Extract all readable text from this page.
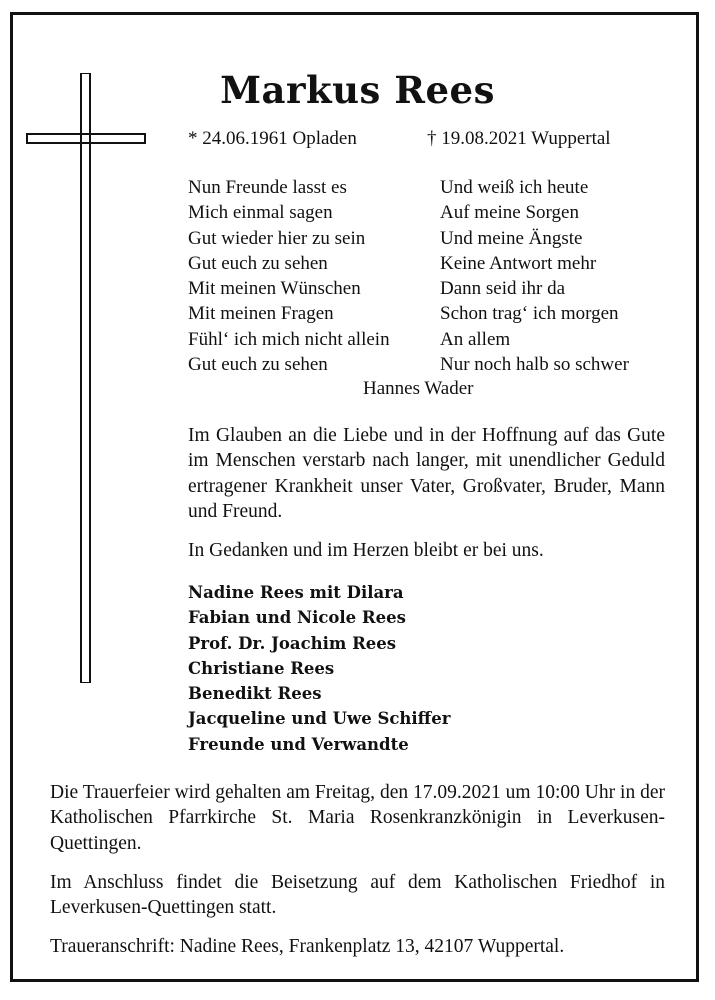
Markus Rees
* 24.06.1961 Opladen	† 19.08.2021 Wuppertal
Nun Freunde lasst es
Mich einmal sagen
Gut wieder hier zu sein
Gut euch zu sehen
Mit meinen Wünschen
Mit meinen Fragen
Fühl‘ ich mich nicht allein
Gut euch zu sehen
Und weiß ich heute
Auf meine Sorgen
Und meine Ängste
Keine Antwort mehr
Dann seid ihr da
Schon trag‘ ich morgen
An allem
Nur noch halb so schwer
Hannes Wader
Im Glauben an die Liebe und in der Hoffnung auf das Gute im Menschen verstarb nach langer, mit unendlicher Geduld ertragener Krankheit unser Vater, Großvater, Bruder, Mann und Freund.
In Gedanken und im Herzen bleibt er bei uns.
Nadine Rees mit Dilara
Fabian und Nicole Rees
Prof. Dr. Joachim Rees
Christiane Rees
Benedikt Rees
Jacqueline und Uwe Schiffer
Freunde und Verwandte
Die Trauerfeier wird gehalten am Freitag, den 17.09.2021 um 10:00 Uhr in der Katholischen Pfarrkirche St. Maria Rosenkranzkönigin in Leverkusen-Quettingen.
Im Anschluss findet die Beisetzung auf dem Katholischen Friedhof in Leverkusen-Quettingen statt.
Traueranschrift: Nadine Rees, Frankenplatz 13, 42107 Wuppertal.
